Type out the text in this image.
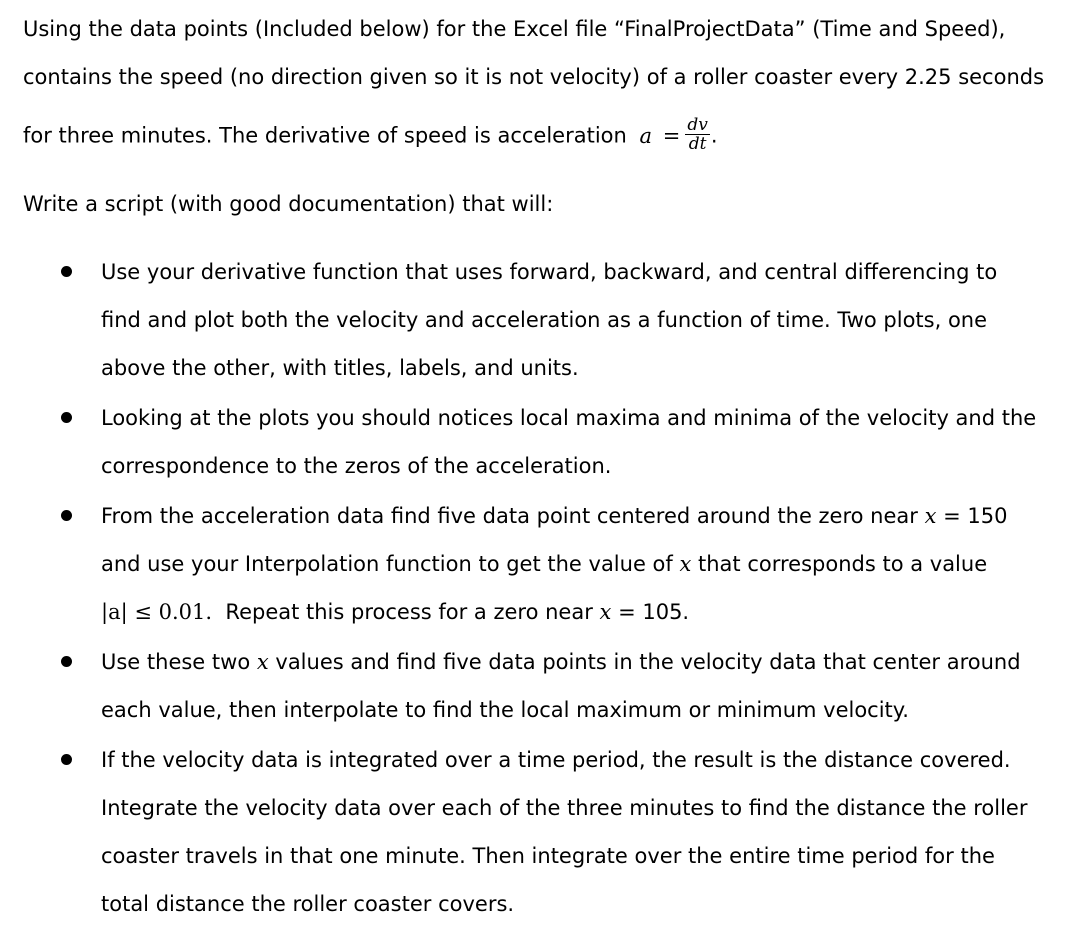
Using the data points (Included below) for the Excel file “FinalProjectData” (Time and Speed),
contains the speed (no direction given so it is not velocity) of a roller coaster every 2.25 seconds
for three minutes. The derivative of speed is acceleration $a = \frac{dv}{dt}$ .
Write a script (with good documentation) that will:
Use your derivative function that uses forward, backward, and central differencing to
find and plot both the velocity and acceleration as a function of time. Two plots, one
above the other, with titles, labels, and units.
Looking at the plots you should notices local maxima and minima of the velocity and the
correspondence to the zeros of the acceleration.
From the acceleration data find five data point centered around the zero near x = 150
and use your Interpolation function to get the value of x that corresponds to a value
|a| ≤ 0.01. Repeat this process for a zero near x = 105.
Use these two x values and find five data points in the velocity data that center around
each value, then interpolate to find the local maximum or minimum velocity.
If the velocity data is integrated over a time period, the result is the distance covered.
Integrate the velocity data over each of the three minutes to find the distance the roller
coaster travels in that one minute. Then integrate over the entire time period for the
total distance the roller coaster covers.
